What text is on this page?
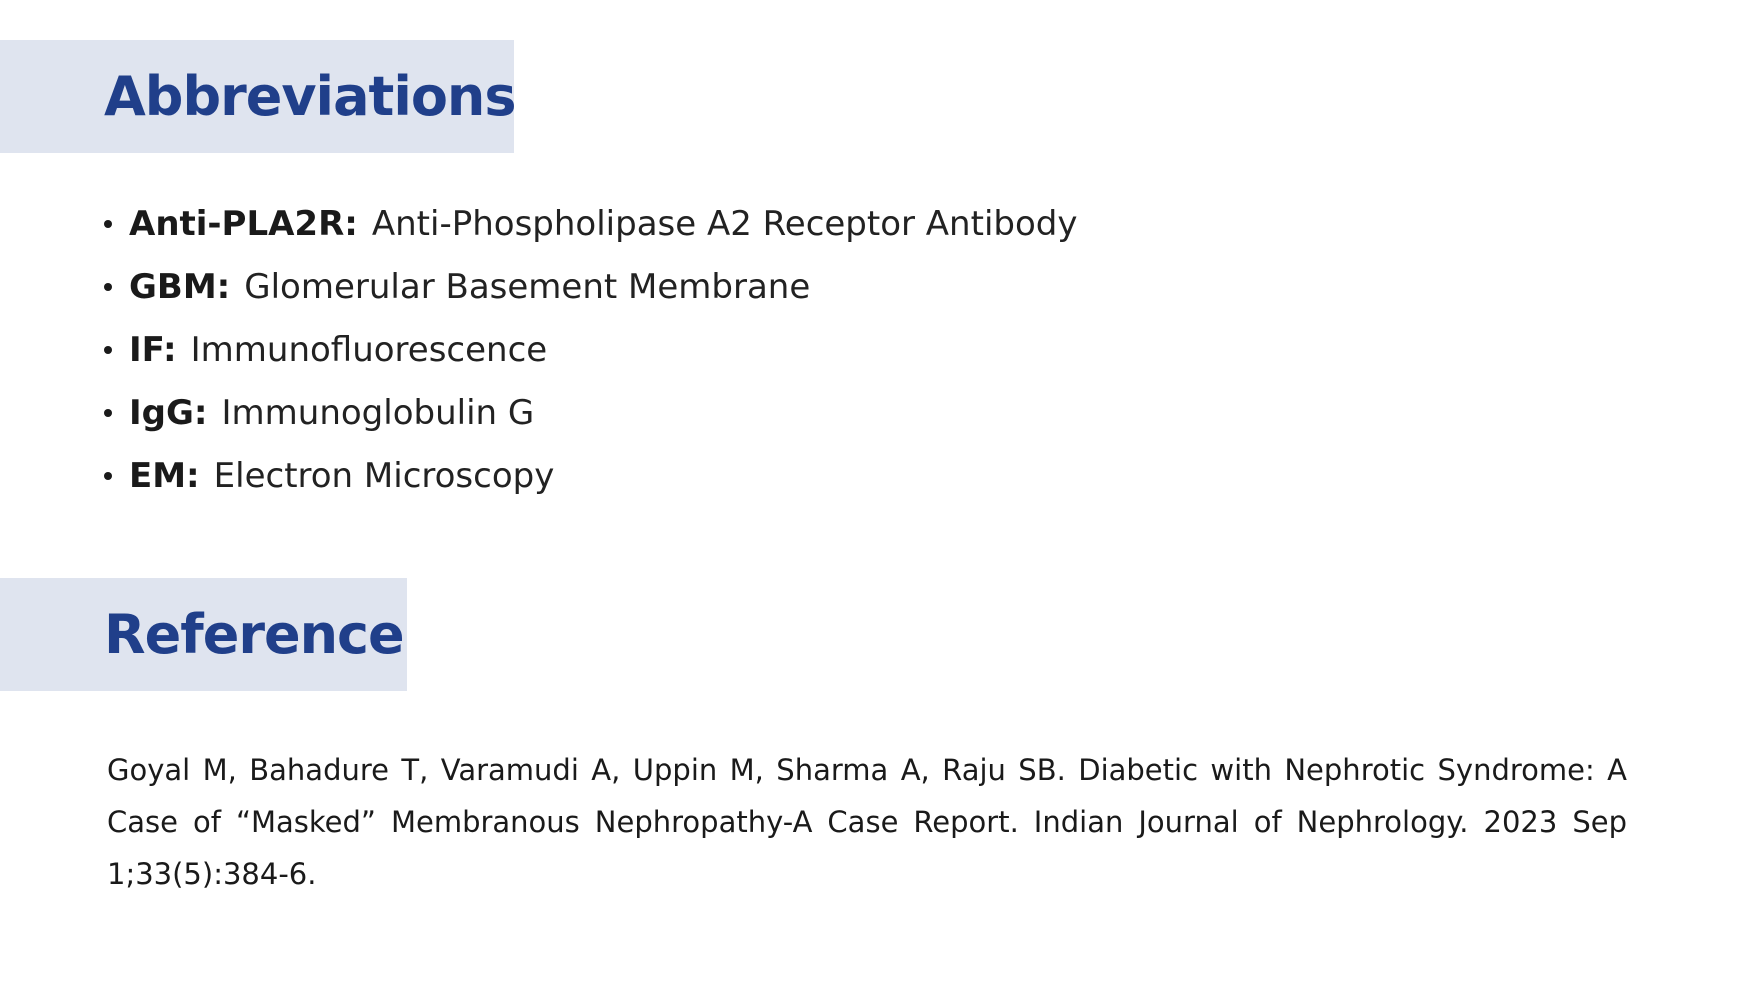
Abbreviations
Anti-PLA2R: Anti-Phospholipase A2 Receptor Antibody
GBM: Glomerular Basement Membrane
IF: Immunofluorescence
IgG: Immunoglobulin G
EM: Electron Microscopy
Reference

Goyal M, Bahadure T, Varamudi A, Uppin M, Sharma A, Raju SB. Diabetic with Nephrotic Syndrome: A Case of “Masked” Membranous Nephropathy-A Case Report. Indian Journal of Nephrology. 2023 Sep 1;33(5):384-6.
